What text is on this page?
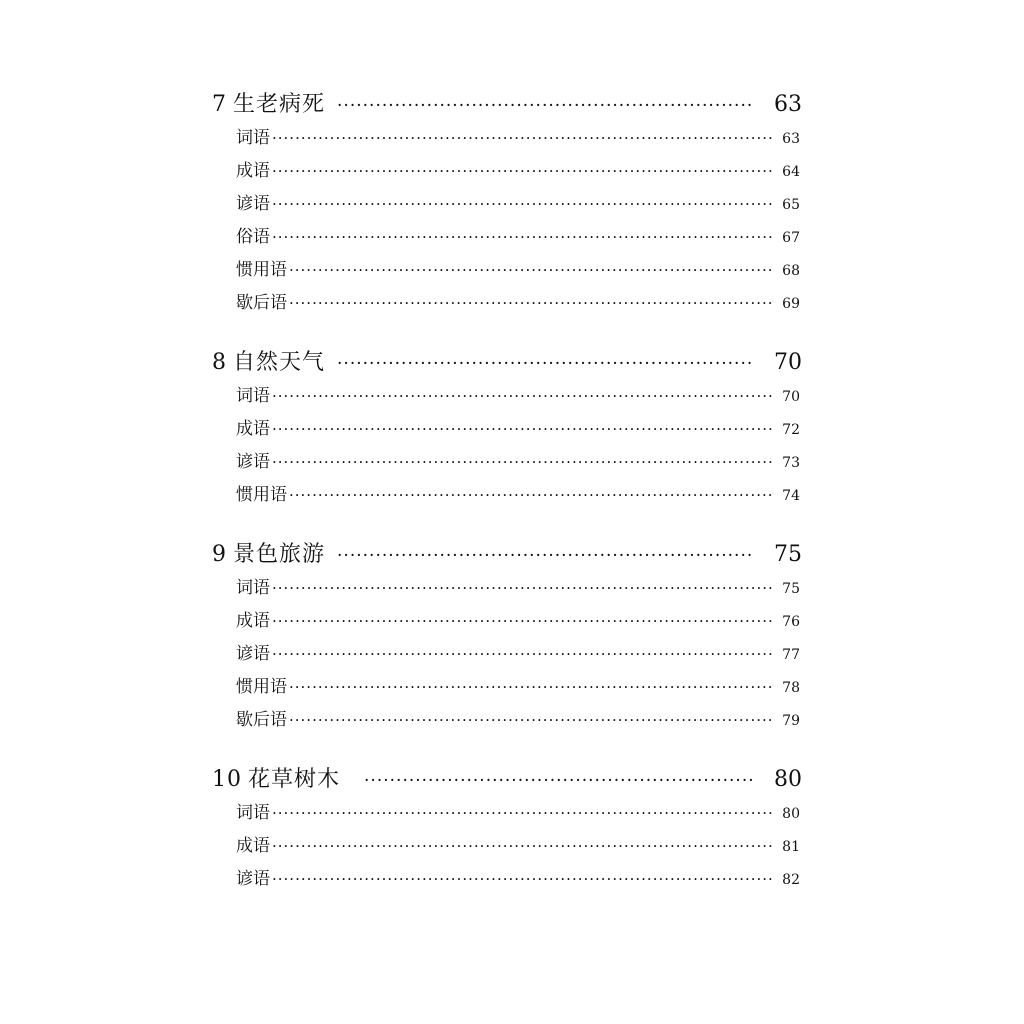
7 生老病死 ·····	63
词语 ·····	63
成语 ·····	64
谚语 ·····	65
俗语 ·····	67
惯用语 ·····	68
歇后语 ·····	69
8 自然天气 ·····	70
词语 ·····	70
成语 ·····	72
谚语 ·····	73
惯用语 ·····	74
9 景色旅游 ·····	75
词语 ·····	75
成语 ·····	76
谚语 ·····	77
惯用语 ·····	78
歇后语 ·····	79
10 花草树木 ·····	80
词语 ·····	80
成语 ·····	81
谚语 ·····	82
